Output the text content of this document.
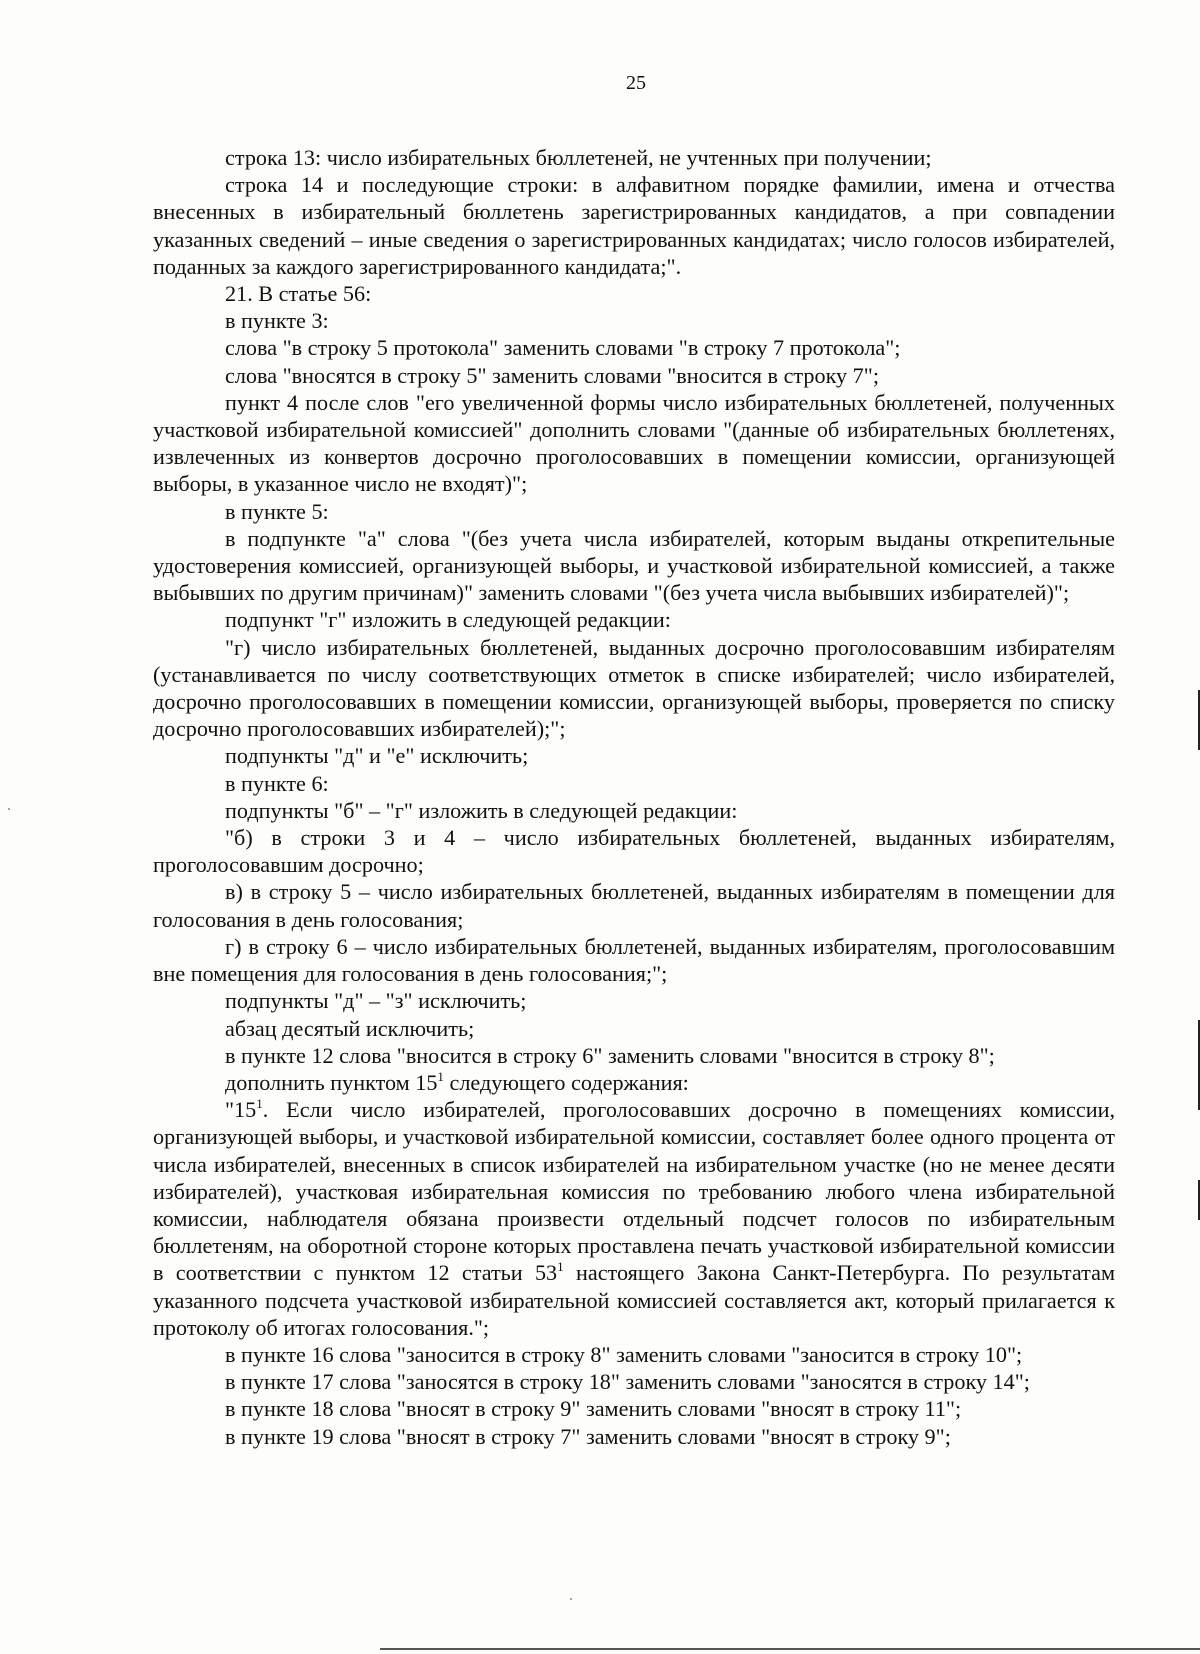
25

строка 13: число избирательных бюллетеней, не учтенных при получении;

строка 14 и последующие строки: в алфавитном порядке фамилии, имена и отчества внесенных в избирательный бюллетень зарегистрированных кандидатов, а при совпадении указанных сведений – иные сведения о зарегистрированных кандидатах; число голосов избирателей, поданных за каждого зарегистрированного кандидата;".

21. В статье 56:

в пункте 3:

слова "в строку 5 протокола" заменить словами "в строку 7 протокола";

слова "вносятся в строку 5" заменить словами "вносится в строку 7";

пункт 4 после слов "его увеличенной формы число избирательных бюллетеней, полученных участковой избирательной комиссией" дополнить словами "(данные об избирательных бюллетенях, извлеченных из конвертов досрочно проголосовавших в помещении комиссии, организующей выборы, в указанное число не входят)";

в пункте 5:

в подпункте "а" слова "(без учета числа избирателей, которым выданы открепительные удостоверения комиссией, организующей выборы, и участковой избирательной комиссией, а также выбывших по другим причинам)" заменить словами "(без учета числа выбывших избирателей)";

подпункт "г" изложить в следующей редакции:

"г) число избирательных бюллетеней, выданных досрочно проголосовавшим избирателям (устанавливается по числу соответствующих отметок в списке избирателей; число избирателей, досрочно проголосовавших в помещении комиссии, организующей выборы, проверяется по списку досрочно проголосовавших избирателей);";

подпункты "д" и "е" исключить;

в пункте 6:

подпункты "б" – "г" изложить в следующей редакции:

"б) в строки 3 и 4 – число избирательных бюллетеней, выданных избирателям, проголосовавшим досрочно;

в) в строку 5 – число избирательных бюллетеней, выданных избирателям в помещении для голосования в день голосования;

г) в строку 6 – число избирательных бюллетеней, выданных избирателям, проголосовавшим вне помещения для голосования в день голосования;";

подпункты "д" – "з" исключить;

абзац десятый исключить;

в пункте 12 слова "вносится в строку 6" заменить словами "вносится в строку 8";

дополнить пунктом $15^1$ следующего содержания:

"$15^1$. Если число избирателей, проголосовавших досрочно в помещениях комиссии, организующей выборы, и участковой избирательной комиссии, составляет более одного процента от числа избирателей, внесенных в список избирателей на избирательном участке (но не менее десяти избирателей), участковая избирательная комиссия по требованию любого члена избирательной комиссии, наблюдателя обязана произвести отдельный подсчет голосов по избирательным бюллетеням, на оборотной стороне которых проставлена печать участковой избирательной комиссии в соответствии с пунктом 12 статьи $53^1$ настоящего Закона Санкт-Петербурга. По результатам указанного подсчета участковой избирательной комиссией составляется акт, который прилагается к протоколу об итогах голосования.";

в пункте 16 слова "заносится в строку 8" заменить словами "заносится в строку 10";

в пункте 17 слова "заносятся в строку 18" заменить словами "заносятся в строку 14";

в пункте 18 слова "вносят в строку 9" заменить словами "вносят в строку 11";

в пункте 19 слова "вносят в строку 7" заменить словами "вносят в строку 9";
